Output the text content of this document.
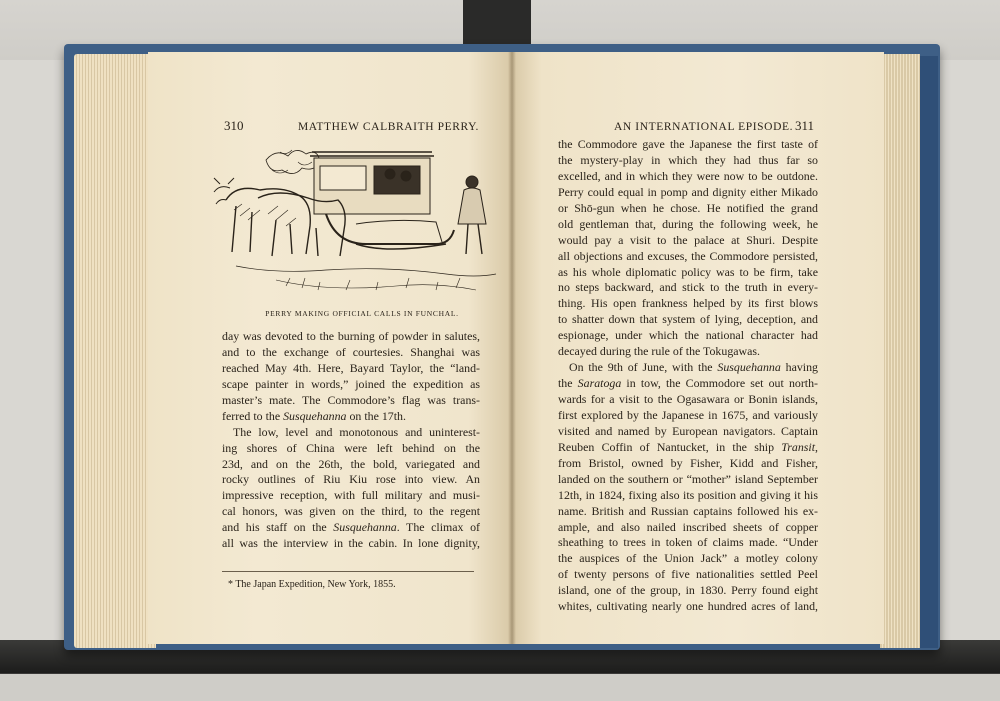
310	MATTHEW CALBRAITH PERRY.
PERRY MAKING OFFICIAL CALLS IN FUNCHAL.
day was devoted to the burning of powder in salutes,
and to the exchange of courtesies. Shanghai was
reached May 4th. Here, Bayard Taylor, the “land-
scape painter in words,” joined the expedition as
master’s mate. The Commodore’s flag was trans-
ferred to the Susquehanna on the 17th.
The low, level and monotonous and uninterest-
ing shores of China were left behind on the
23d, and on the 26th, the bold, variegated and
rocky outlines of Riu Kiu rose into view. An
impressive reception, with full military and musi-
cal honors, was given on the third, to the regent
and his staff on the Susquehanna. The climax of
all was the interview in the cabin. In lone dignity,
* The Japan Expedition, New York, 1855.
AN INTERNATIONAL EPISODE. 311
the Commodore gave the Japanese the first taste of
the mystery-play in which they had thus far so
excelled, and in which they were now to be outdone.
Perry could equal in pomp and dignity either Mikado
or Shō-gun when he chose. He notified the grand
old gentleman that, during the following week, he
would pay a visit to the palace at Shuri. Despite
all objections and excuses, the Commodore persisted,
as his whole diplomatic policy was to be firm, take
no steps backward, and stick to the truth in every-
thing. His open frankness helped by its first blows
to shatter down that system of lying, deception, and
espionage, under which the national character had
decayed during the rule of the Tokugawas.
On the 9th of June, with the Susquehanna having
the Saratoga in tow, the Commodore set out north-
wards for a visit to the Ogasawara or Bonin islands,
first explored by the Japanese in 1675, and variously
visited and named by European navigators. Captain
Reuben Coffin of Nantucket, in the ship Transit,
from Bristol, owned by Fisher, Kidd and Fisher,
landed on the southern or “mother” island September
12th, in 1824, fixing also its position and giving it his
name. British and Russian captains followed his ex-
ample, and also nailed inscribed sheets of copper
sheathing to trees in token of claims made. “Under
the auspices of the Union Jack” a motley colony
of twenty persons of five nationalities settled Peel
island, one of the group, in 1830. Perry found eight
whites, cultivating nearly one hundred acres of land,
